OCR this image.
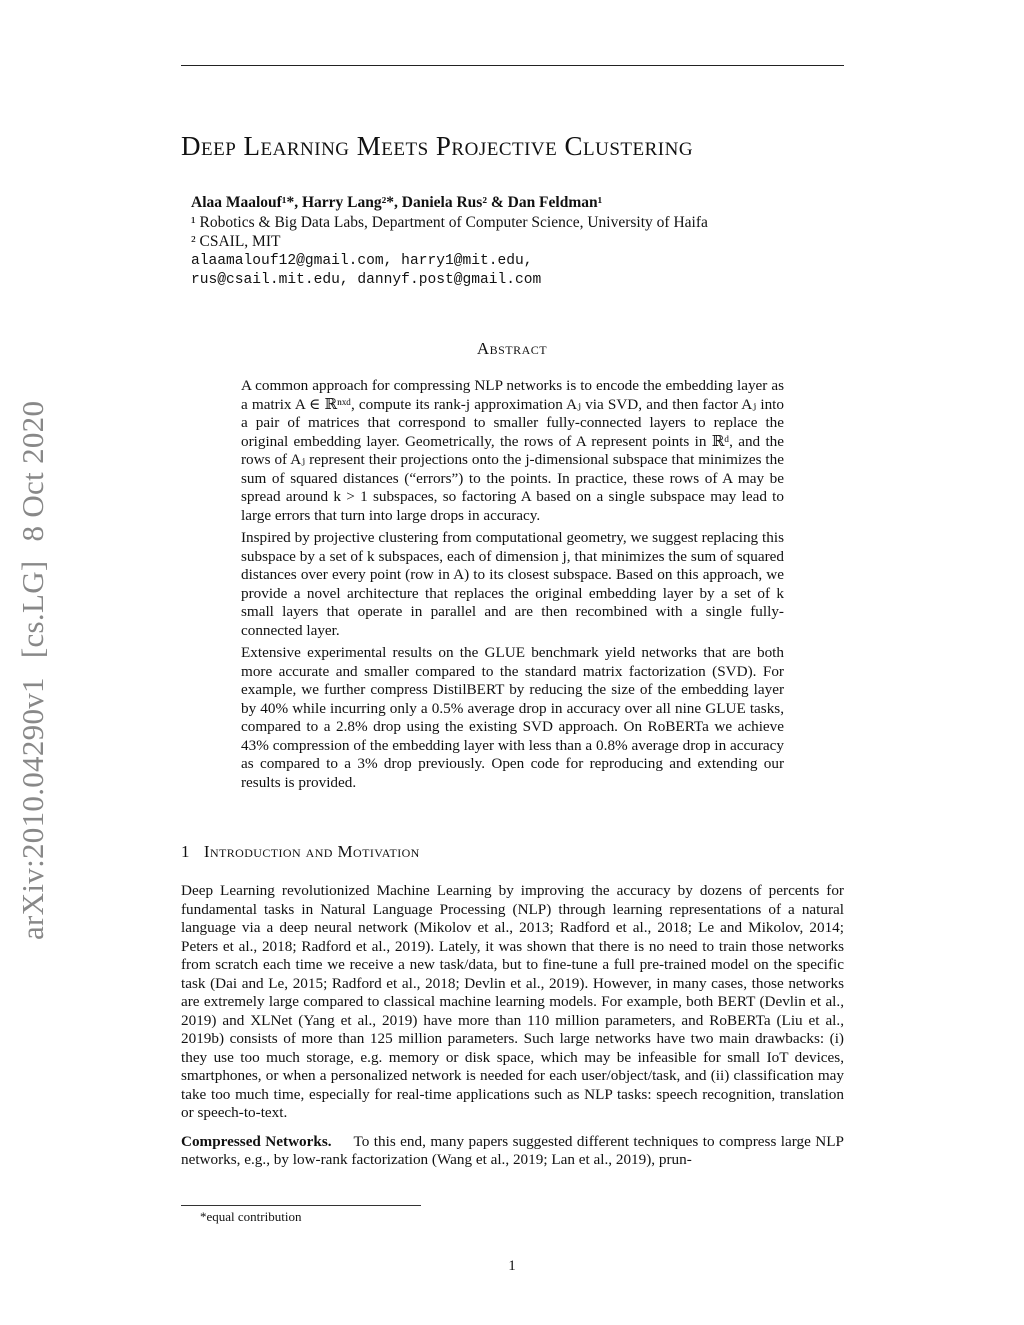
arXiv:2010.04290v1[cs.LG]8 Oct 2020
Deep Learning Meets Projective Clustering
Alaa Maalouf¹*, Harry Lang²*, Daniela Rus² & Dan Feldman¹
¹ Robotics & Big Data Labs, Department of Computer Science, University of Haifa
² CSAIL, MIT
alaamalouf12@gmail.com, harry1@mit.edu,
rus@csail.mit.edu, dannyf.post@gmail.com
Abstract

A common approach for compressing NLP networks is to encode the embedding layer as a matrix A ∈ ℝⁿˣᵈ, compute its rank-j approximation Aⱼ via SVD, and then factor Aⱼ into a pair of matrices that correspond to smaller fully-connected layers to replace the original embedding layer. Geometrically, the rows of A represent points in ℝᵈ, and the rows of Aⱼ represent their projections onto the j-dimensional subspace that minimizes the sum of squared distances (“errors”) to the points. In practice, these rows of A may be spread around k > 1 subspaces, so factoring A based on a single subspace may lead to large errors that turn into large drops in accuracy.

Inspired by projective clustering from computational geometry, we suggest replacing this subspace by a set of k subspaces, each of dimension j, that minimizes the sum of squared distances over every point (row in A) to its closest subspace. Based on this approach, we provide a novel architecture that replaces the original embedding layer by a set of k small layers that operate in parallel and are then recombined with a single fully-connected layer.

Extensive experimental results on the GLUE benchmark yield networks that are both more accurate and smaller compared to the standard matrix factorization (SVD). For example, we further compress DistilBERT by reducing the size of the embedding layer by 40% while incurring only a 0.5% average drop in accuracy over all nine GLUE tasks, compared to a 2.8% drop using the existing SVD approach. On RoBERTa we achieve 43% compression of the embedding layer with less than a 0.8% average drop in accuracy as compared to a 3% drop previously. Open code for reproducing and extending our results is provided.

1 Introduction and Motivation

Deep Learning revolutionized Machine Learning by improving the accuracy by dozens of percents for fundamental tasks in Natural Language Processing (NLP) through learning representations of a natural language via a deep neural network (Mikolov et al., 2013; Radford et al., 2018; Le and Mikolov, 2014; Peters et al., 2018; Radford et al., 2019). Lately, it was shown that there is no need to train those networks from scratch each time we receive a new task/data, but to fine-tune a full pre-trained model on the specific task (Dai and Le, 2015; Radford et al., 2018; Devlin et al., 2019). However, in many cases, those networks are extremely large compared to classical machine learning models. For example, both BERT (Devlin et al., 2019) and XLNet (Yang et al., 2019) have more than 110 million parameters, and RoBERTa (Liu et al., 2019b) consists of more than 125 million parameters. Such large networks have two main drawbacks: (i) they use too much storage, e.g. memory or disk space, which may be infeasible for small IoT devices, smartphones, or when a personalized network is needed for each user/object/task, and (ii) classification may take too much time, especially for real-time applications such as NLP tasks: speech recognition, translation or speech-to-text.

Compressed Networks. To this end, many papers suggested different techniques to compress large NLP networks, e.g., by low-rank factorization (Wang et al., 2019; Lan et al., 2019), prun-

*equal contribution
1
